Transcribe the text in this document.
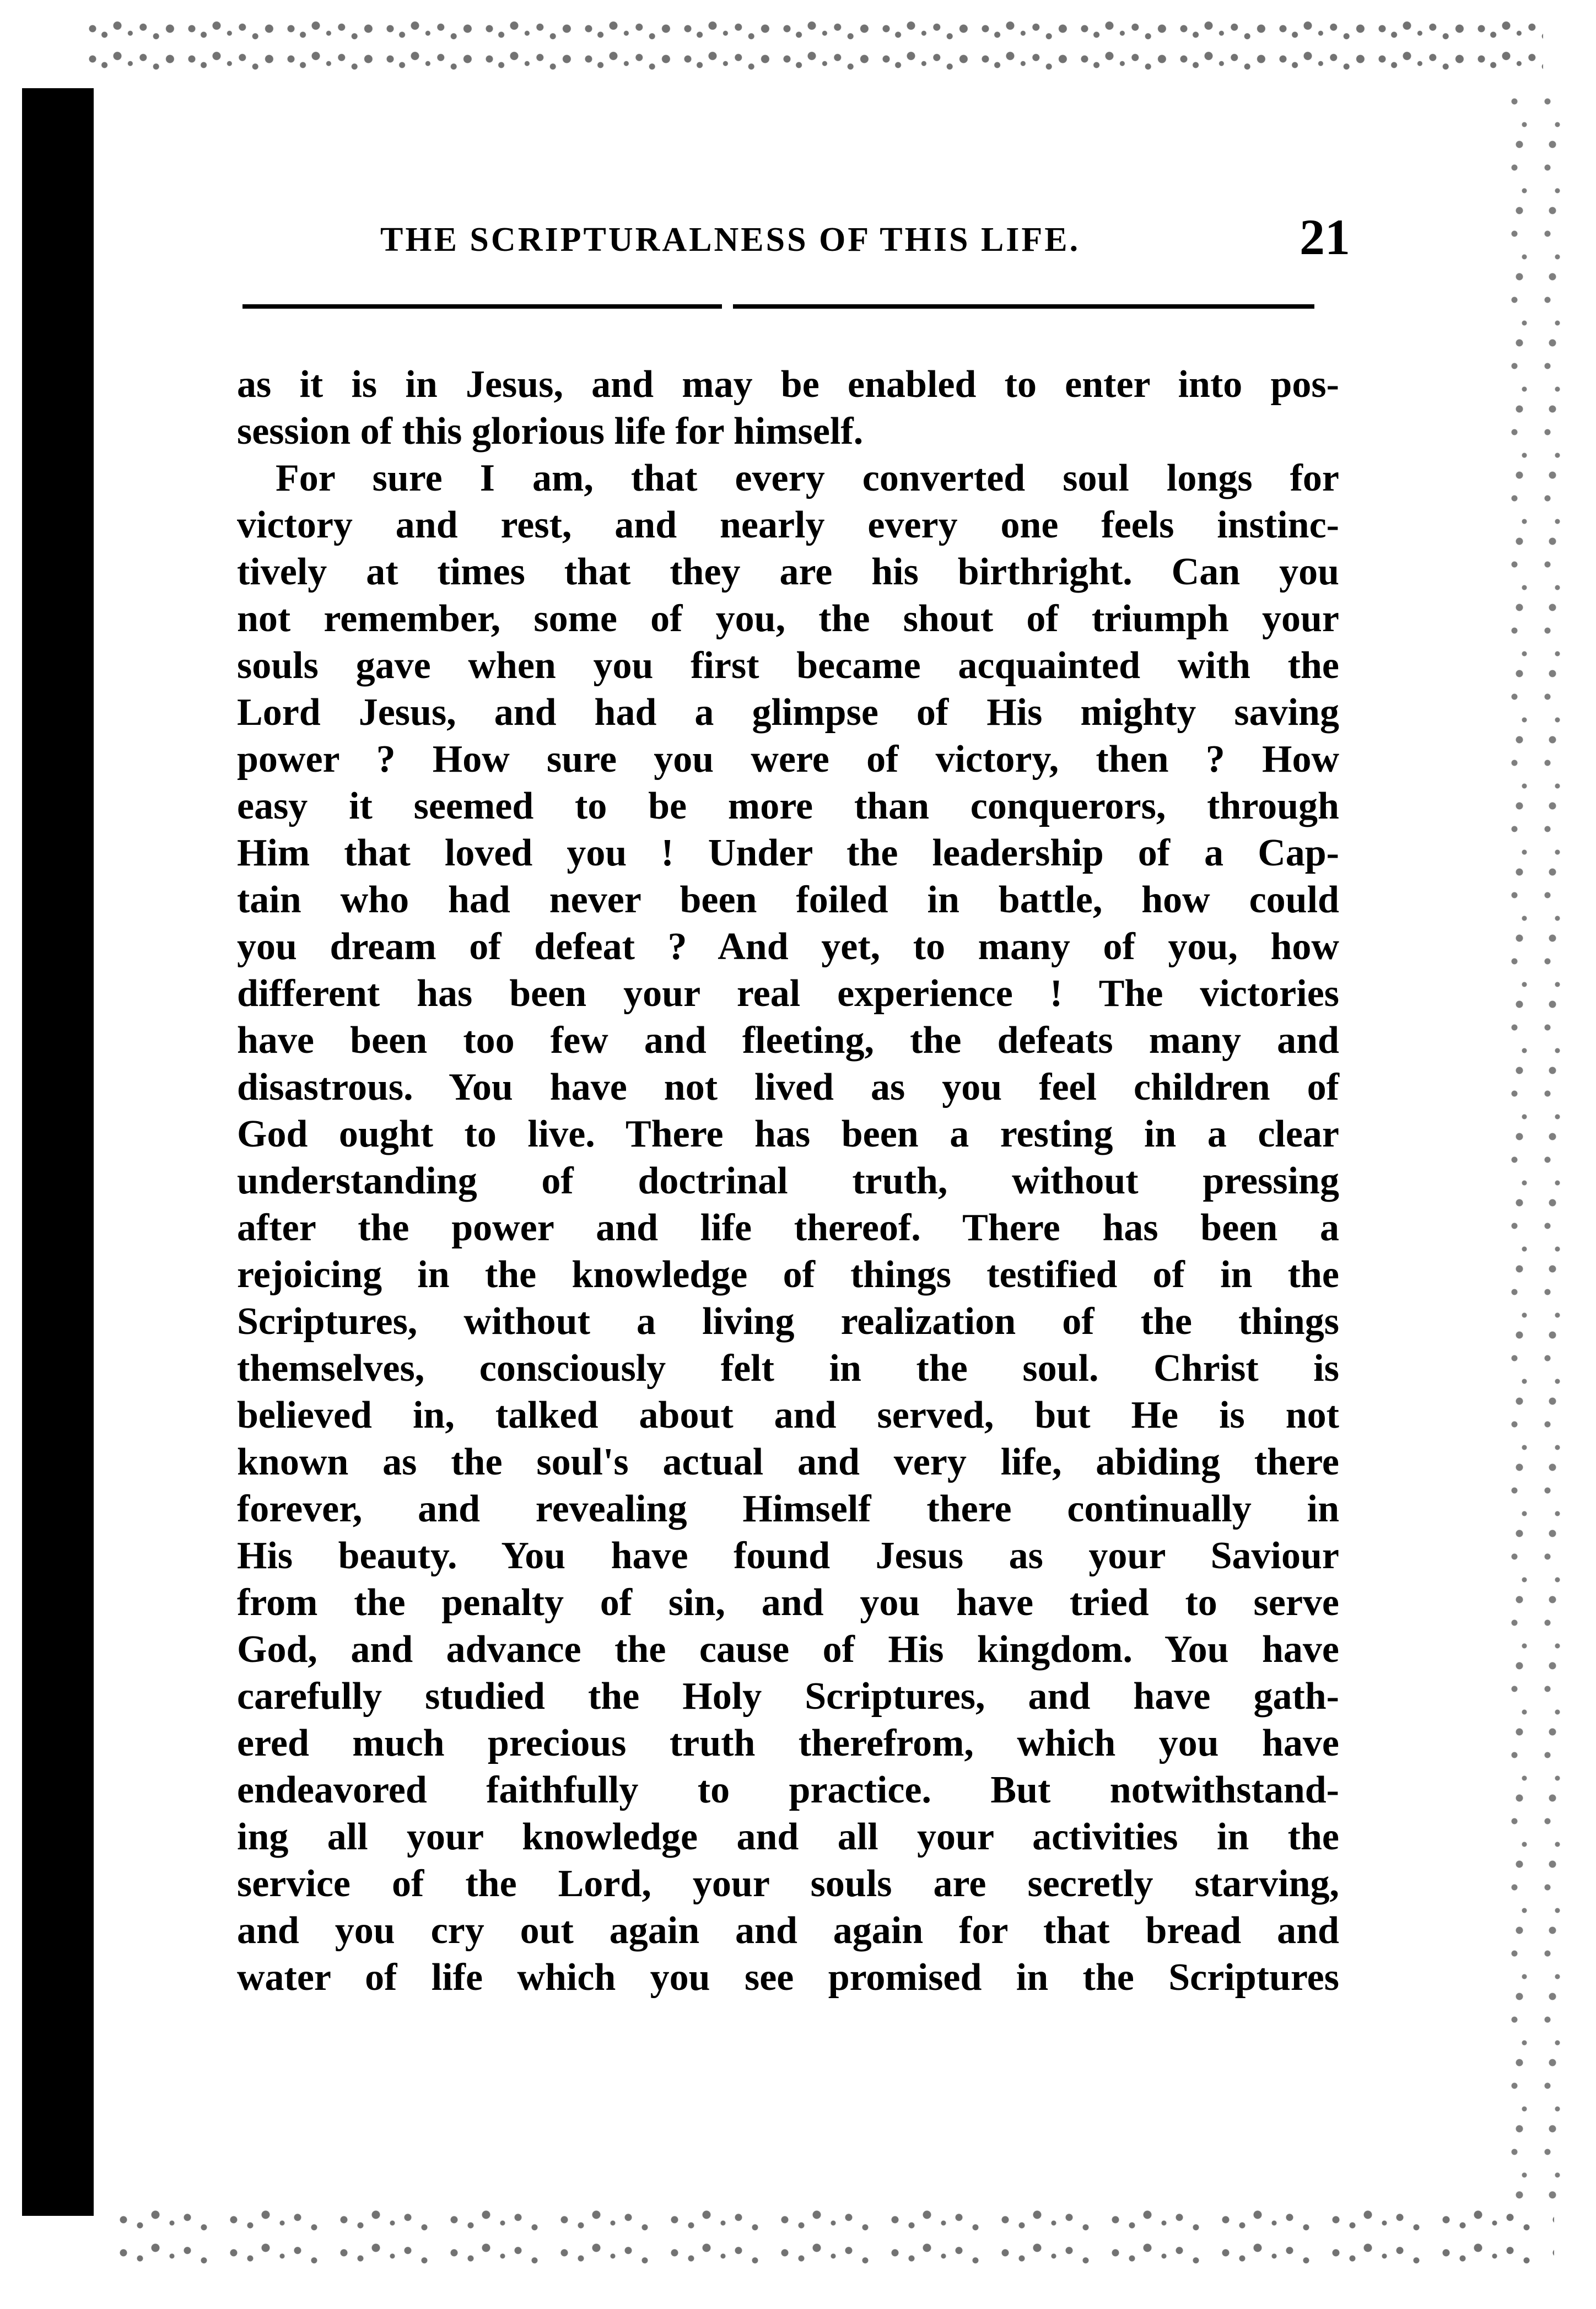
THE SCRIPTURALNESS OF THIS LIFE.	21
as it is in Jesus, and may be enabled to enter into pos-
session of this glorious life for himself.
For sure I am, that every converted soul longs for
victory and rest, and nearly every one feels instinc-
tively at times that they are his birthright. Can you
not remember, some of you, the shout of triumph your
souls gave when you first became acquainted with the
Lord Jesus, and had a glimpse of His mighty saving
power ? How sure you were of victory, then ? How
easy it seemed to be more than conquerors, through
Him that loved you ! Under the leadership of a Cap-
tain who had never been foiled in battle, how could
you dream of defeat ? And yet, to many of you, how
different has been your real experience ! The victories
have been too few and fleeting, the defeats many and
disastrous. You have not lived as you feel children of
God ought to live. There has been a resting in a clear
understanding of doctrinal truth, without pressing
after the power and life thereof. There has been a
rejoicing in the knowledge of things testified of in the
Scriptures, without a living realization of the things
themselves, consciously felt in the soul. Christ is
believed in, talked about and served, but He is not
known as the soul's actual and very life, abiding there
forever, and revealing Himself there continually in
His beauty. You have found Jesus as your Saviour
from the penalty of sin, and you have tried to serve
God, and advance the cause of His kingdom. You have
carefully studied the Holy Scriptures, and have gath-
ered much precious truth therefrom, which you have
endeavored faithfully to practice. But notwithstand-
ing all your knowledge and all your activities in the
service of the Lord, your souls are secretly starving,
and you cry out again and again for that bread and
water of life which you see promised in the Scriptures
